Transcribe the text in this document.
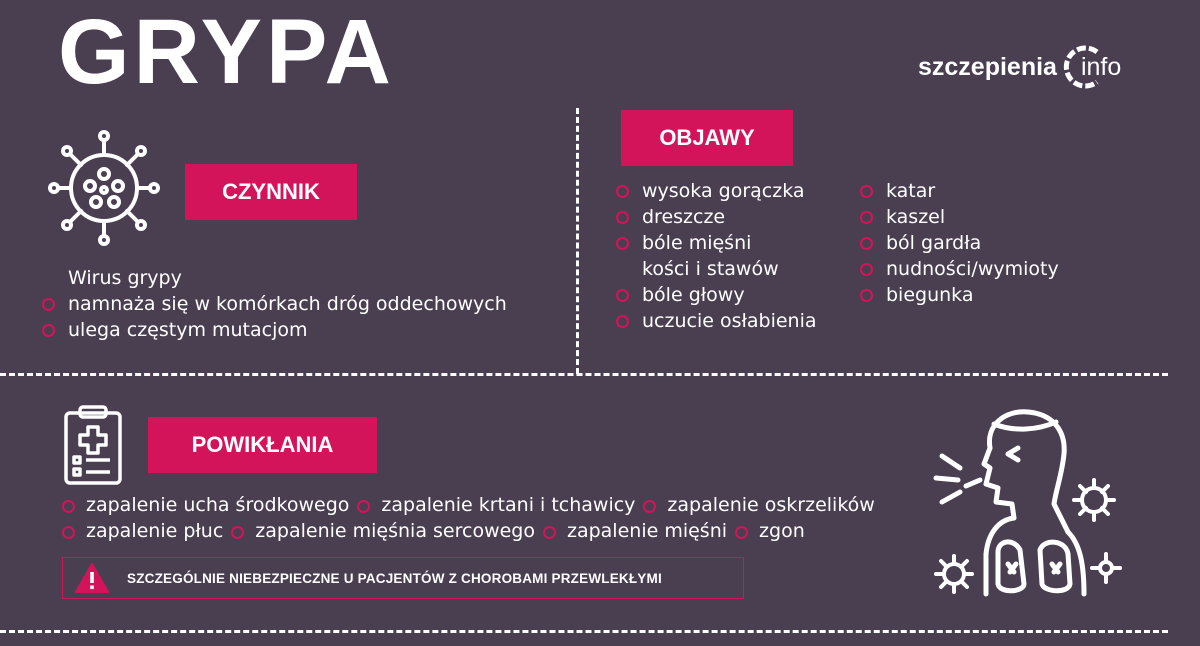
GRYPA	szczepienia info
CZYNNIK
Wirus grypy
namnaża się w komórkach dróg oddechowych
ulega częstym mutacjom
OBJAWY
wysoka gorączka
dreszcze
bóle mięśni
kości i stawów
bóle głowy
uczucie osłabienia
katar
kaszel
ból gardła
nudności/wymioty
biegunka
POWIKŁANIA
zapalenie ucha środkowego	zapalenie krtani i tchawicy	zapalenie oskrzelików
zapalenie płuc	zapalenie mięśnia sercowego	zapalenie mięśni	zgon
SZCZEGÓLNIE NIEBEZPIECZNE U PACJENTÓW Z CHOROBAMI PRZEWLEKŁYMI
